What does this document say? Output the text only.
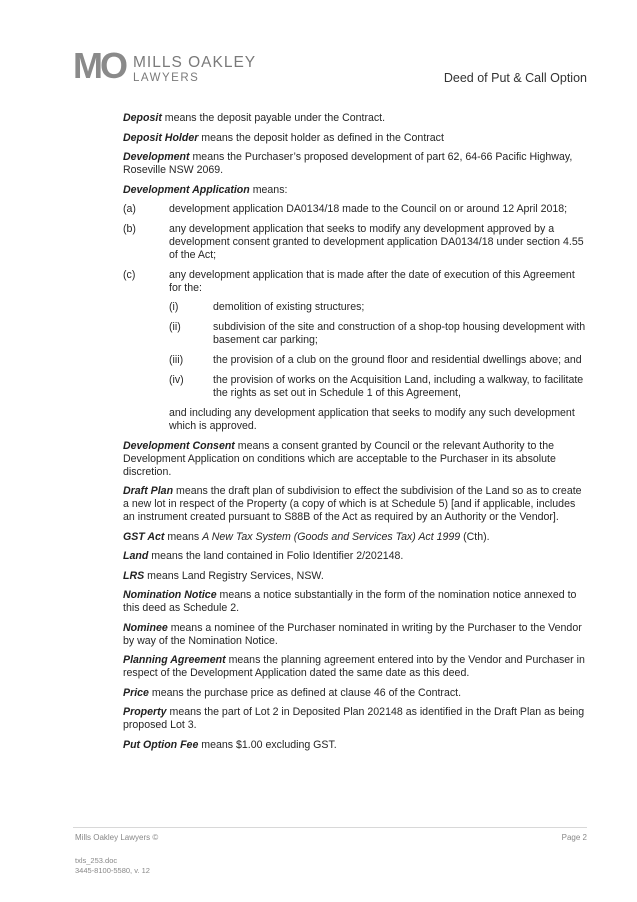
MO MILLS OAKLEY
LAWYERS	Deed of Put & Call Option

Deposit means the deposit payable under the Contract.

Deposit Holder means the deposit holder as defined in the Contract

Development means the Purchaser’s proposed development of part 62, 64-66 Pacific Highway, Roseville NSW 2069.

Development Application means:

(a)	development application DA0134/18 made to the Council on or around 12 April 2018;
(b)	any development application that seeks to modify any development approved by a development consent granted to development application DA0134/18 under section 4.55 of the Act;
(c)	any development application that is made after the date of execution of this Agreement for the:
(i)	demolition of existing structures;
(ii)	subdivision of the site and construction of a shop-top housing development with basement car parking;
(iii)	the provision of a club on the ground floor and residential dwellings above; and
(iv)	the provision of works on the Acquisition Land, including a walkway, to facilitate the rights as set out in Schedule 1 of this Agreement,

and including any development application that seeks to modify any such development which is approved.

Development Consent means a consent granted by Council or the relevant Authority to the Development Application on conditions which are acceptable to the Purchaser in its absolute discretion.

Draft Plan means the draft plan of subdivision to effect the subdivision of the Land so as to create a new lot in respect of the Property (a copy of which is at Schedule 5) [and if applicable, includes an instrument created pursuant to S88B of the Act as required by an Authority or the Vendor].

GST Act means A New Tax System (Goods and Services Tax) Act 1999 (Cth).

Land means the land contained in Folio Identifier 2/202148.

LRS means Land Registry Services, NSW.

Nomination Notice means a notice substantially in the form of the nomination notice annexed to this deed as Schedule 2.

Nominee means a nominee of the Purchaser nominated in writing by the Purchaser to the Vendor by way of the Nomination Notice.

Planning Agreement means the planning agreement entered into by the Vendor and Purchaser in respect of the Development Application dated the same date as this deed.

Price means the purchase price as defined at clause 46 of the Contract.

Property means the part of Lot 2 in Deposited Plan 202148 as identified in the Draft Plan as being proposed Lot 3.

Put Option Fee means $1.00 excluding GST.

Mills Oakley Lawyers ©	Page 2
txls_253.doc
3445-8100-5580, v. 12
